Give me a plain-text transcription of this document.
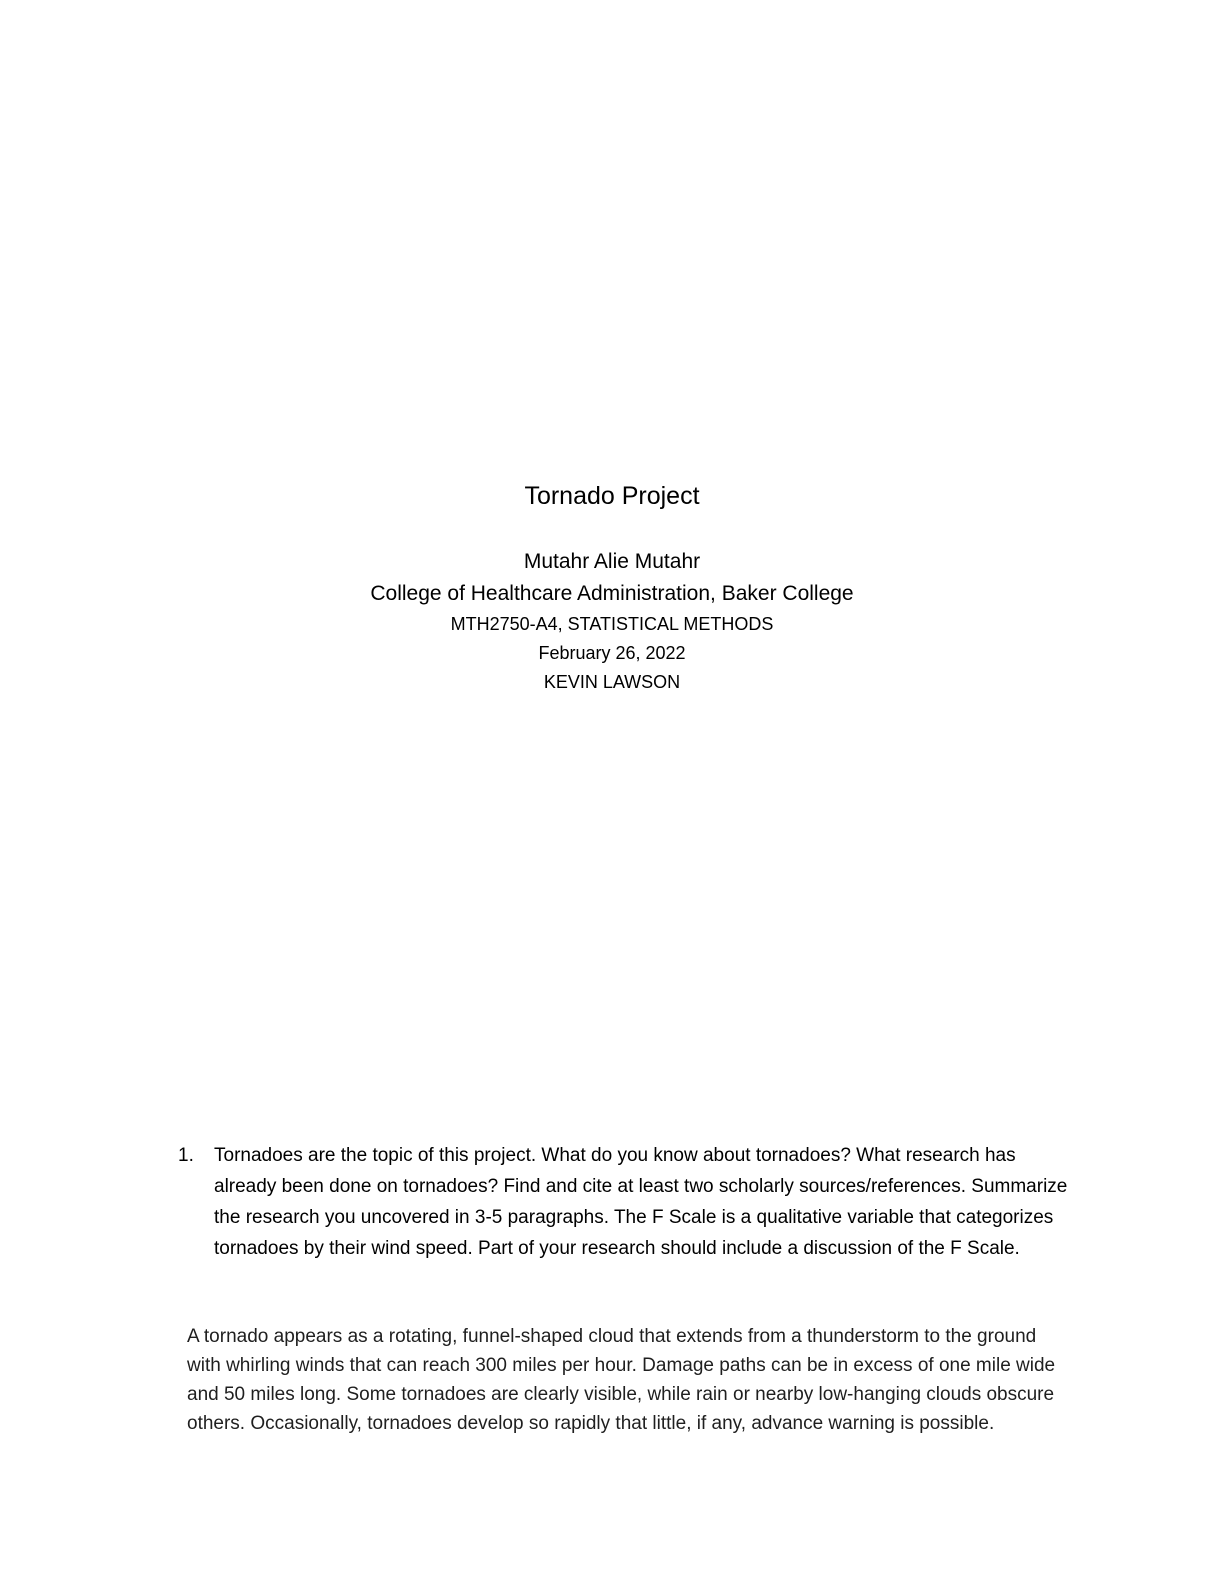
Tornado Project
Mutahr Alie Mutahr
College of Healthcare Administration, Baker College
MTH2750-A4, STATISTICAL METHODS
February 26, 2022
KEVIN LAWSON
1. Tornadoes are the topic of this project. What do you know about tornadoes? What research has already been done on tornadoes? Find and cite at least two scholarly sources/references. Summarize the research you uncovered in 3-5 paragraphs. The F Scale is a qualitative variable that categorizes tornadoes by their wind speed. Part of your research should include a discussion of the F Scale.

A tornado appears as a rotating, funnel-shaped cloud that extends from a thunderstorm to the ground with whirling winds that can reach 300 miles per hour. Damage paths can be in excess of one mile wide and 50 miles long. Some tornadoes are clearly visible, while rain or nearby low-hanging clouds obscure others. Occasionally, tornadoes develop so rapidly that little, if any, advance warning is possible.
